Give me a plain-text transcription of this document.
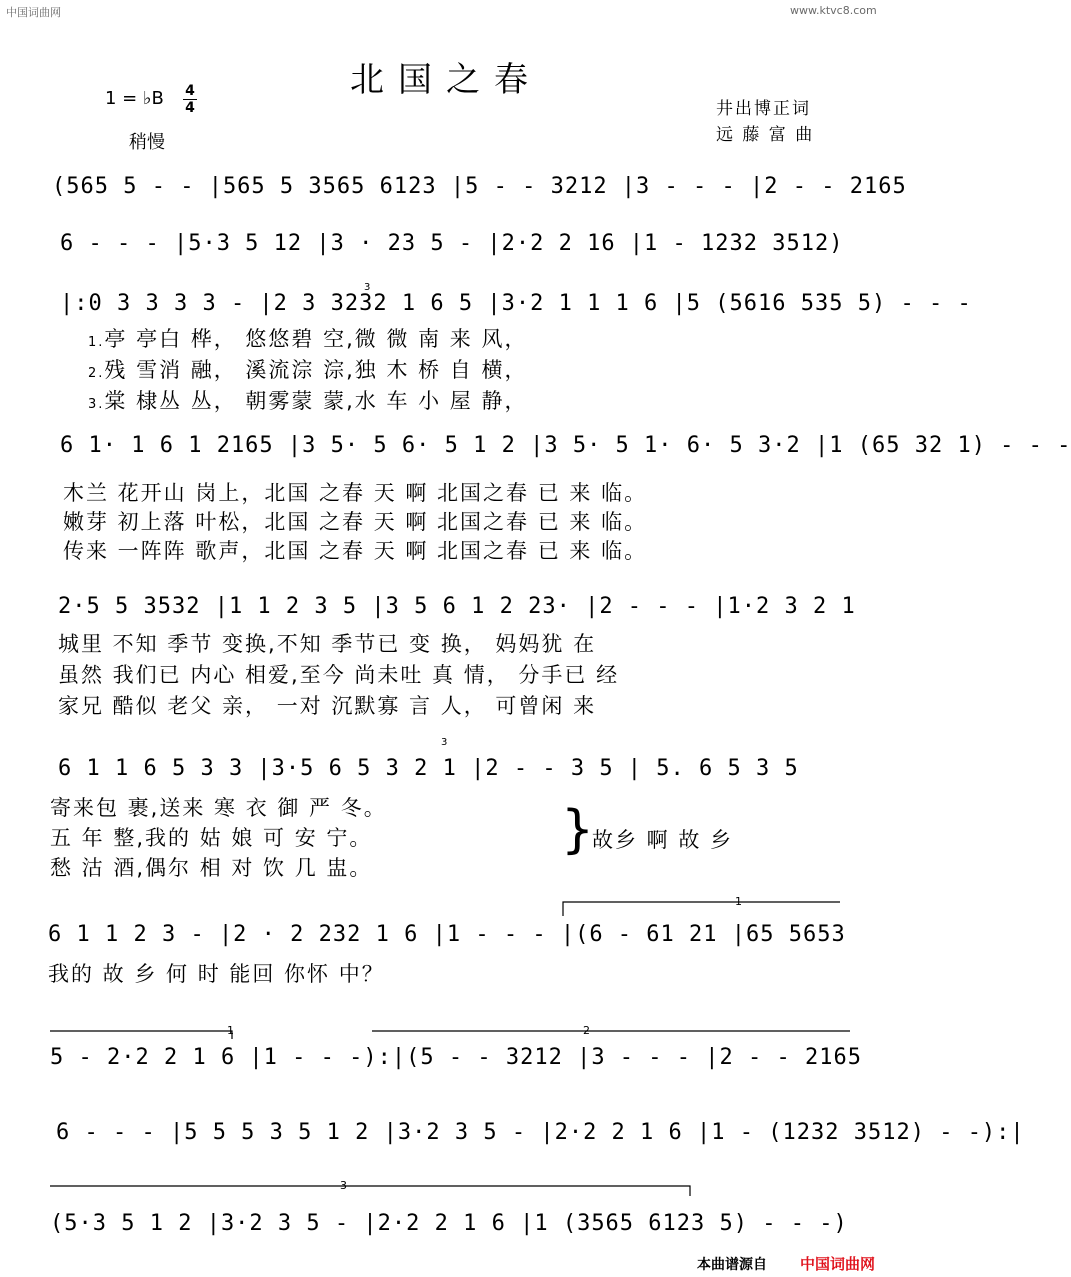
中国词曲网	www.ktvc8.com
北国之春
1 = ♭B 4
4
稍慢
井出博正词
远 藤 富 曲
(565 5 - - |565 5 3565 6123 |5 - - 3212 |3 - - - |2 - - 2165
6 - - - |5·3 5 12 |3 · 23 5 - |2·2 2 16 |1 - 1232 3512)
|:0 3 3 3 3 - |2 3 3232 1 6 5 |3·2 1 1 1 6 |5 (5616 535 5) - - -
1.亭 亭白 桦， 悠悠碧 空,微 微 南 来 风，
2.残 雪消 融， 溪流淙 淙,独 木 桥 自 横，
3.棠 棣丛 丛， 朝雾蒙 蒙,水 车 小 屋 静，
6 1· 1 6 1 2165 |3 5· 5 6· 5 1 2 |3 5· 5 1· 6· 5 3·2 |1 (65 32 1) - - -
木兰 花开山 岗上，北国 之春 天 啊 北国之春 已 来 临。
嫩芽 初上落 叶松，北国 之春 天 啊 北国之春 已 来 临。
传来 一阵阵 歌声，北国 之春 天 啊 北国之春 已 来 临。
2·5 5 3532 |1 1 2 3 5 |3 5 6 1 2 23· |2 - - - |1·2 3 2 1
城里 不知 季节 变换,不知 季节已 变 换， 妈妈犹 在
虽然 我们已 内心 相爱,至今 尚未吐 真 情， 分手已 经
家兄 酷似 老父 亲， 一对 沉默寡 言 人， 可曾闲 来
6 1 1 6 5 3 3 |3·5 6 5 3 2 1 |2 - - 3 5 | 5. 6 5 3 5
寄来包 裹,送来 寒 衣 御 严 冬。
五 年 整,我的 姑 娘 可 安 宁。
愁 沽 酒,偶尔 相 对 饮 几 盅。
}
故乡 啊 故 乡
6 1 1 2 3 - |2 · 2 232 1 6 |1 - - - |(6 - 61 21 |65 5653
我的 故 乡 何 时 能回 你怀 中？
5 - 2·2 2 1 6 |1 - - -):|(5 - - 3212 |3 - - - |2 - - 2165
6 - - - |5 5 5 3 5 1 2 |3·2 3 5 - |2·2 2 1 6 |1 - (1232 3512) - -):|
(5·3 5 1 2 |3·2 3 5 - |2·2 2 1 6 |1 (3565 6123 5) - - -)
1
1	2
3
3
3
本曲谱源自 中国词曲网
